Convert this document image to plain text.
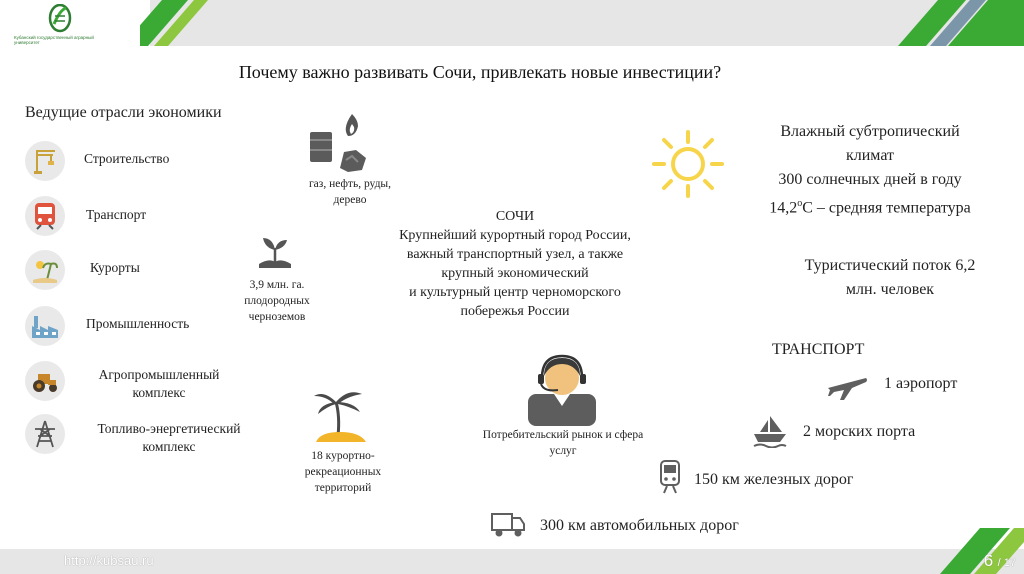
Кубанский государственный аграрный университет
Почему важно развивать Сочи, привлекать новые инвестиции?
Ведущие отрасли экономики
Строительство
Транспорт
Курорты
Промышленность
Агропромышленный комплекс
Топливо-энергетический комплекс
газ, нефть, руды, дерево
3,9 млн. га. плодородных черноземов
18 курортно-рекреационных территорий
Потребительский рынок и сфера услуг
СОЧИ
Крупнейший курортный город России,
важный транспортный узел, а также
крупный экономический
и культурный центр черноморского
побережья России
Влажный субтропический
климат
300 солнечных дней в году
$14,2^оС$ – средняя температура
Туристический поток 6,2
млн. человек
ТРАНСПОРТ
1 аэропорт
2 морских порта
150 км железных дорог
300 км автомобильных дорог
http://kubsau.ru	6 / 17
